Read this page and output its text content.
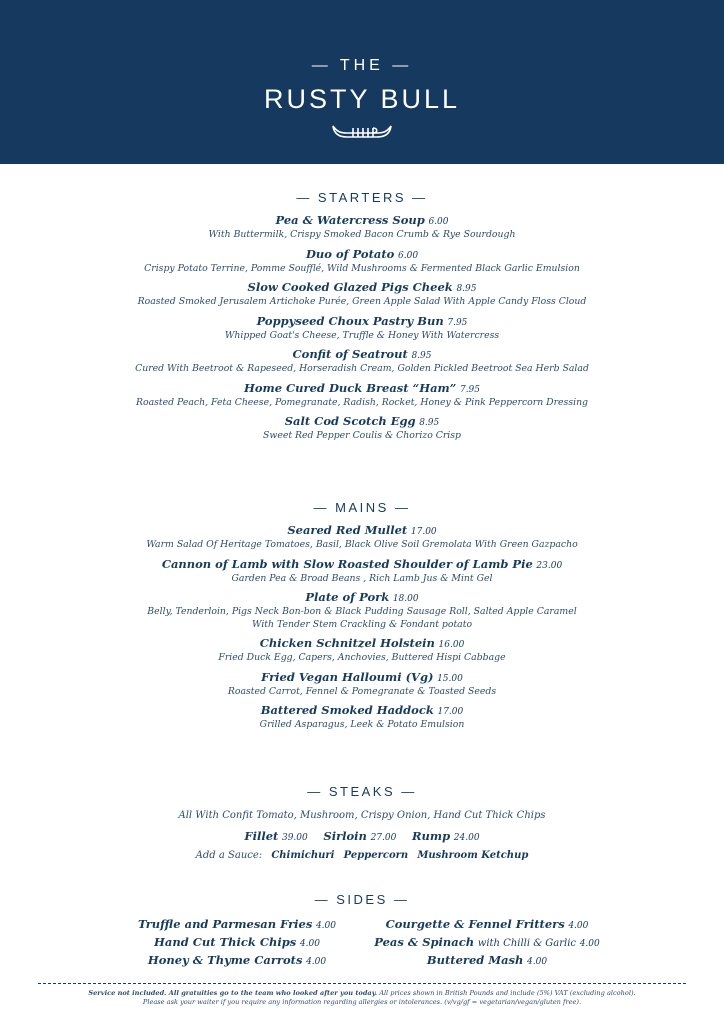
— THE —
RUSTY BULL
— STARTERS —
Pea & Watercress Soup 6.00
With Buttermilk, Crispy Smoked Bacon Crumb & Rye Sourdough
Duo of Potato 6.00
Crispy Potato Terrine, Pomme Soufflé, Wild Mushrooms & Fermented Black Garlic Emulsion
Slow Cooked Glazed Pigs Cheek 8.95
Roasted Smoked Jerusalem Artichoke Purée, Green Apple Salad With Apple Candy Floss Cloud
Poppyseed Choux Pastry Bun 7.95
Whipped Goat's Cheese, Truffle & Honey With Watercress
Confit of Seatrout 8.95
Cured With Beetroot & Rapeseed, Horseradish Cream, Golden Pickled Beetroot Sea Herb Salad
Home Cured Duck Breast “Ham” 7.95
Roasted Peach, Feta Cheese, Pomegranate, Radish, Rocket, Honey & Pink Peppercorn Dressing
Salt Cod Scotch Egg 8.95
Sweet Red Pepper Coulis & Chorizo Crisp
— MAINS —
Seared Red Mullet 17.00
Warm Salad Of Heritage Tomatoes, Basil, Black Olive Soil Gremolata With Green Gazpacho
Cannon of Lamb with Slow Roasted Shoulder of Lamb Pie 23.00
Garden Pea & Broad Beans , Rich Lamb Jus & Mint Gel
Plate of Pork 18.00
Belly, Tenderloin, Pigs Neck Bon-bon & Black Pudding Sausage Roll, Salted Apple Caramel
With Tender Stem Crackling & Fondant potato
Chicken Schnitzel Holstein 16.00
Fried Duck Egg, Capers, Anchovies, Buttered Hispi Cabbage
Fried Vegan Halloumi (Vg) 15.00
Roasted Carrot, Fennel & Pomegranate & Toasted Seeds
Battered Smoked Haddock 17.00
Grilled Asparagus, Leek & Potato Emulsion
— STEAKS —
All With Confit Tomato, Mushroom, Crispy Onion, Hand Cut Thick Chips
Fillet 39.00 Sirloin 27.00 Rump 24.00
Add a Sauce: Chimichuri Peppercorn Mushroom Ketchup
— SIDES —
Truffle and Parmesan Fries 4.00
Hand Cut Thick Chips 4.00
Honey & Thyme Carrots 4.00
Courgette & Fennel Fritters 4.00
Peas & Spinach with Chilli & Garlic 4.00
Buttered Mash 4.00
Service not included. All gratuities go to the team who looked after you today. All prices shown in British Pounds and include (5%) VAT (excluding alcohol).
Please ask your waiter if you require any information regarding allergies or intolerances. (v/vg/gf = vegetarian/vegan/gluten free).
